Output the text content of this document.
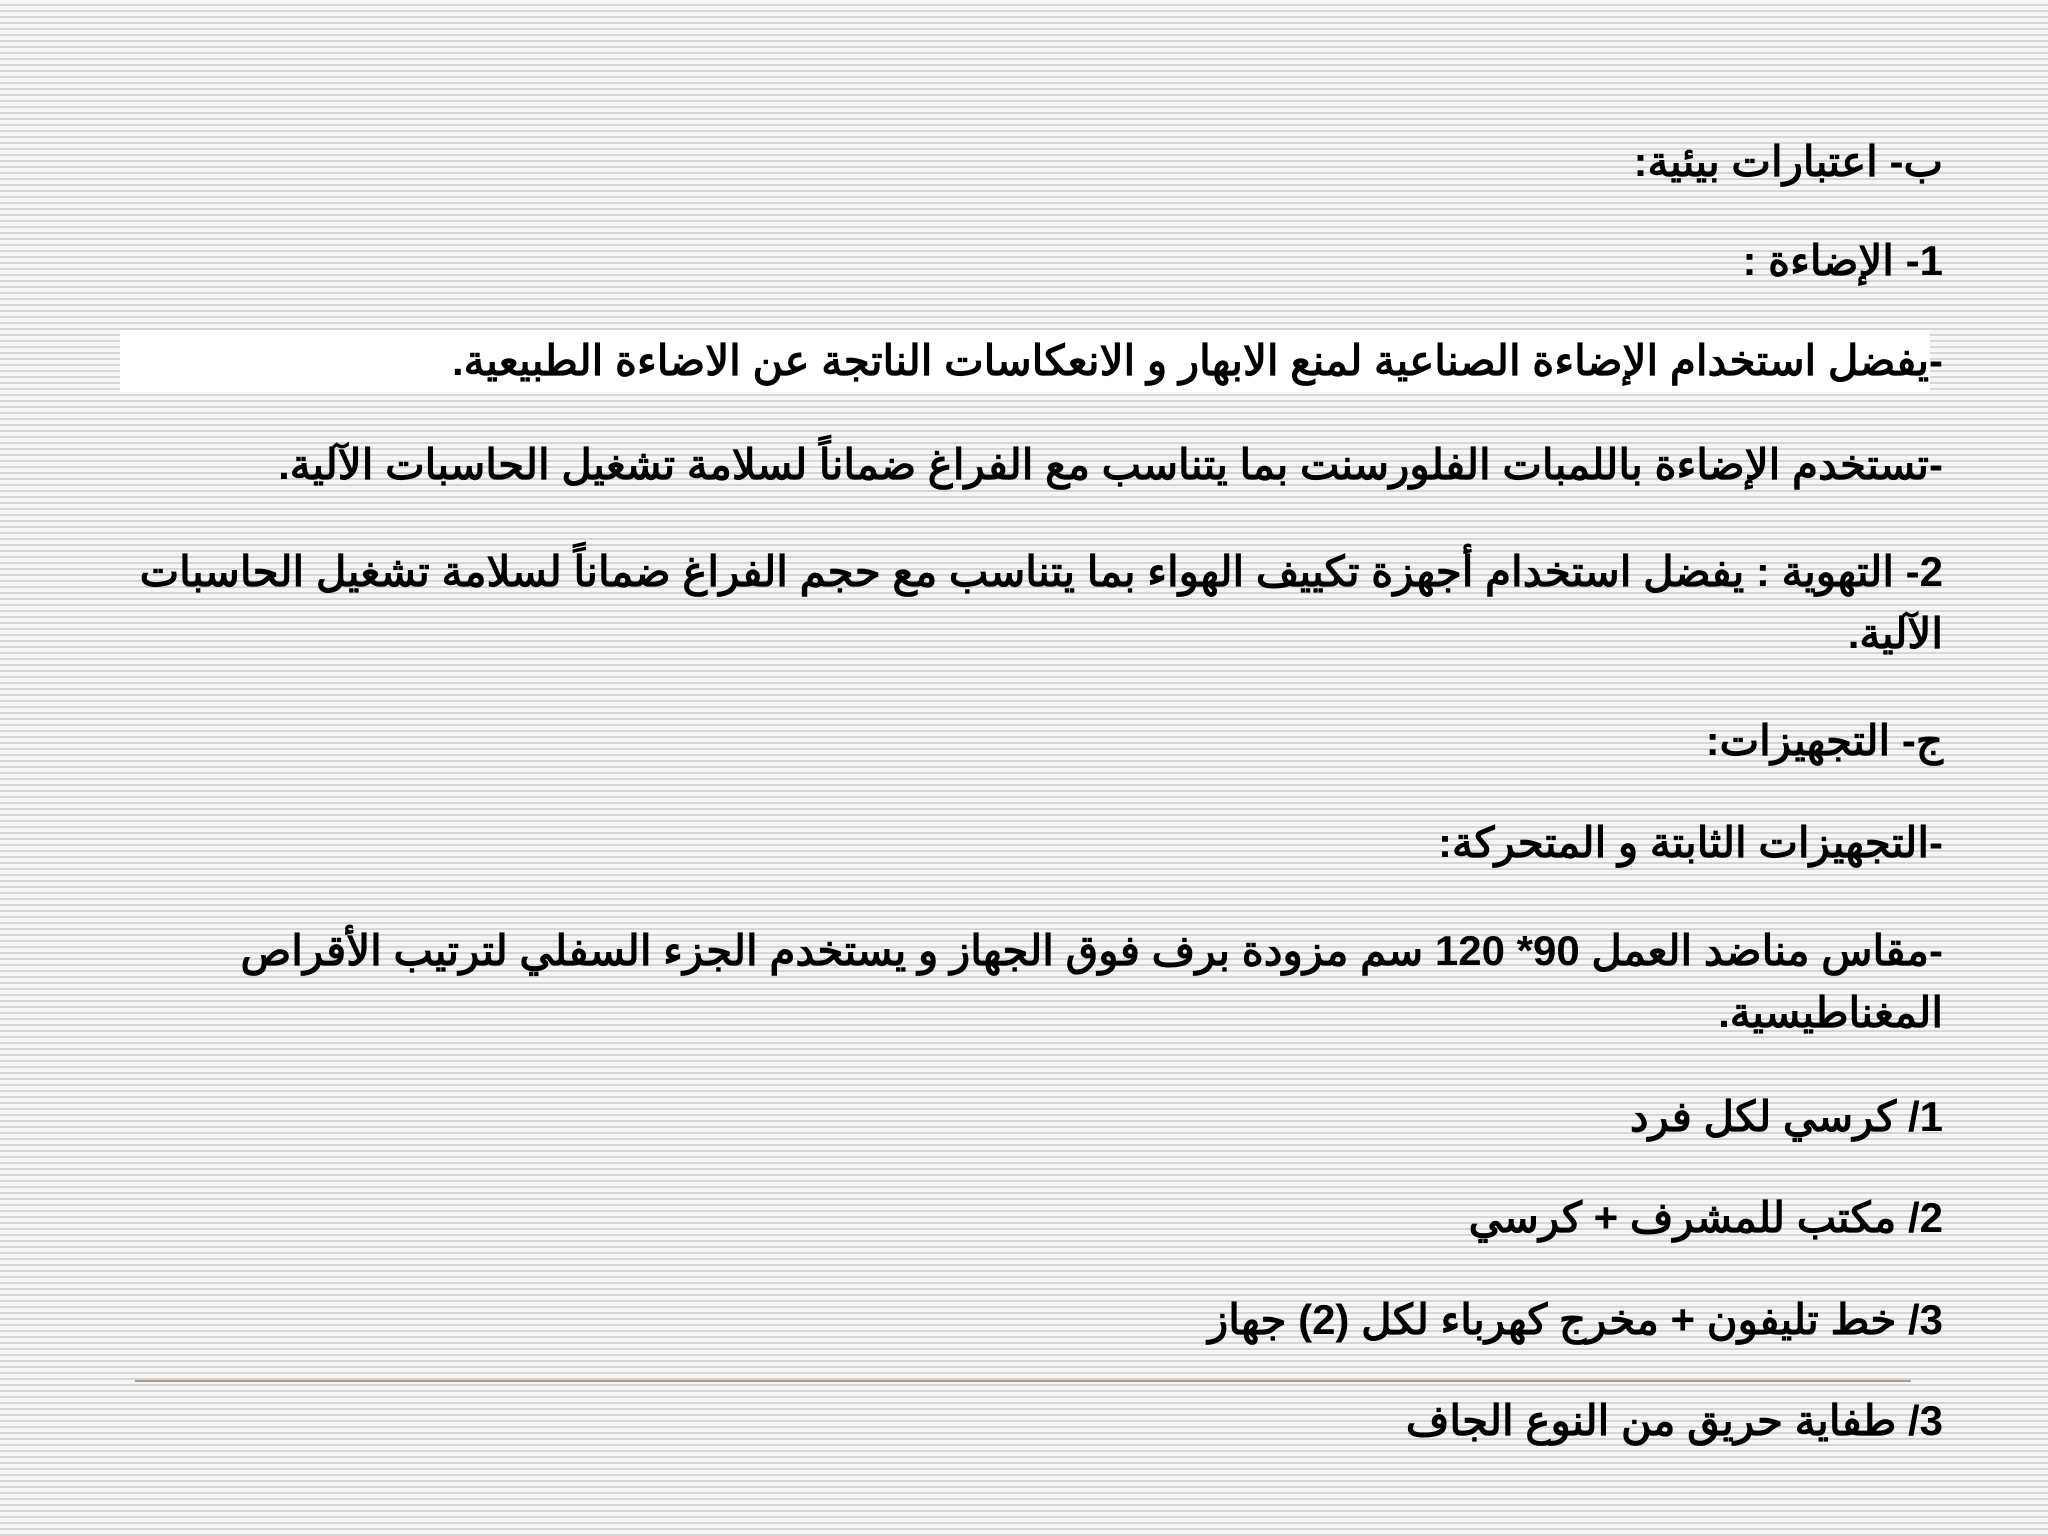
ب- اعتبارات بيئية:

1- الإضاءة :

-يفضل استخدام الإضاءة الصناعية لمنع الابهار و الانعكاسات الناتجة عن الاضاءة الطبيعية.

-تستخدم الإضاءة باللمبات الفلورسنت بما يتناسب مع الفراغ ضماناً لسلامة تشغيل الحاسبات الآلية.

2- التهوية : يفضل استخدام أجهزة تكييف الهواء بما يتناسب مع حجم الفراغ ضماناً لسلامة تشغيل الحاسبات الآلية.

ج- التجهيزات:

-التجهيزات الثابتة و المتحركة:

-مقاس مناضد العمل 90* 120 سم مزودة برف فوق الجهاز و يستخدم الجزء السفلي لترتيب الأقراص المغناطيسية.

1/ كرسي لكل فرد

2/ مكتب للمشرف + كرسي

3/ خط تليفون + مخرج كهرباء لكل (2) جهاز

3/ طفاية حريق من النوع الجاف
